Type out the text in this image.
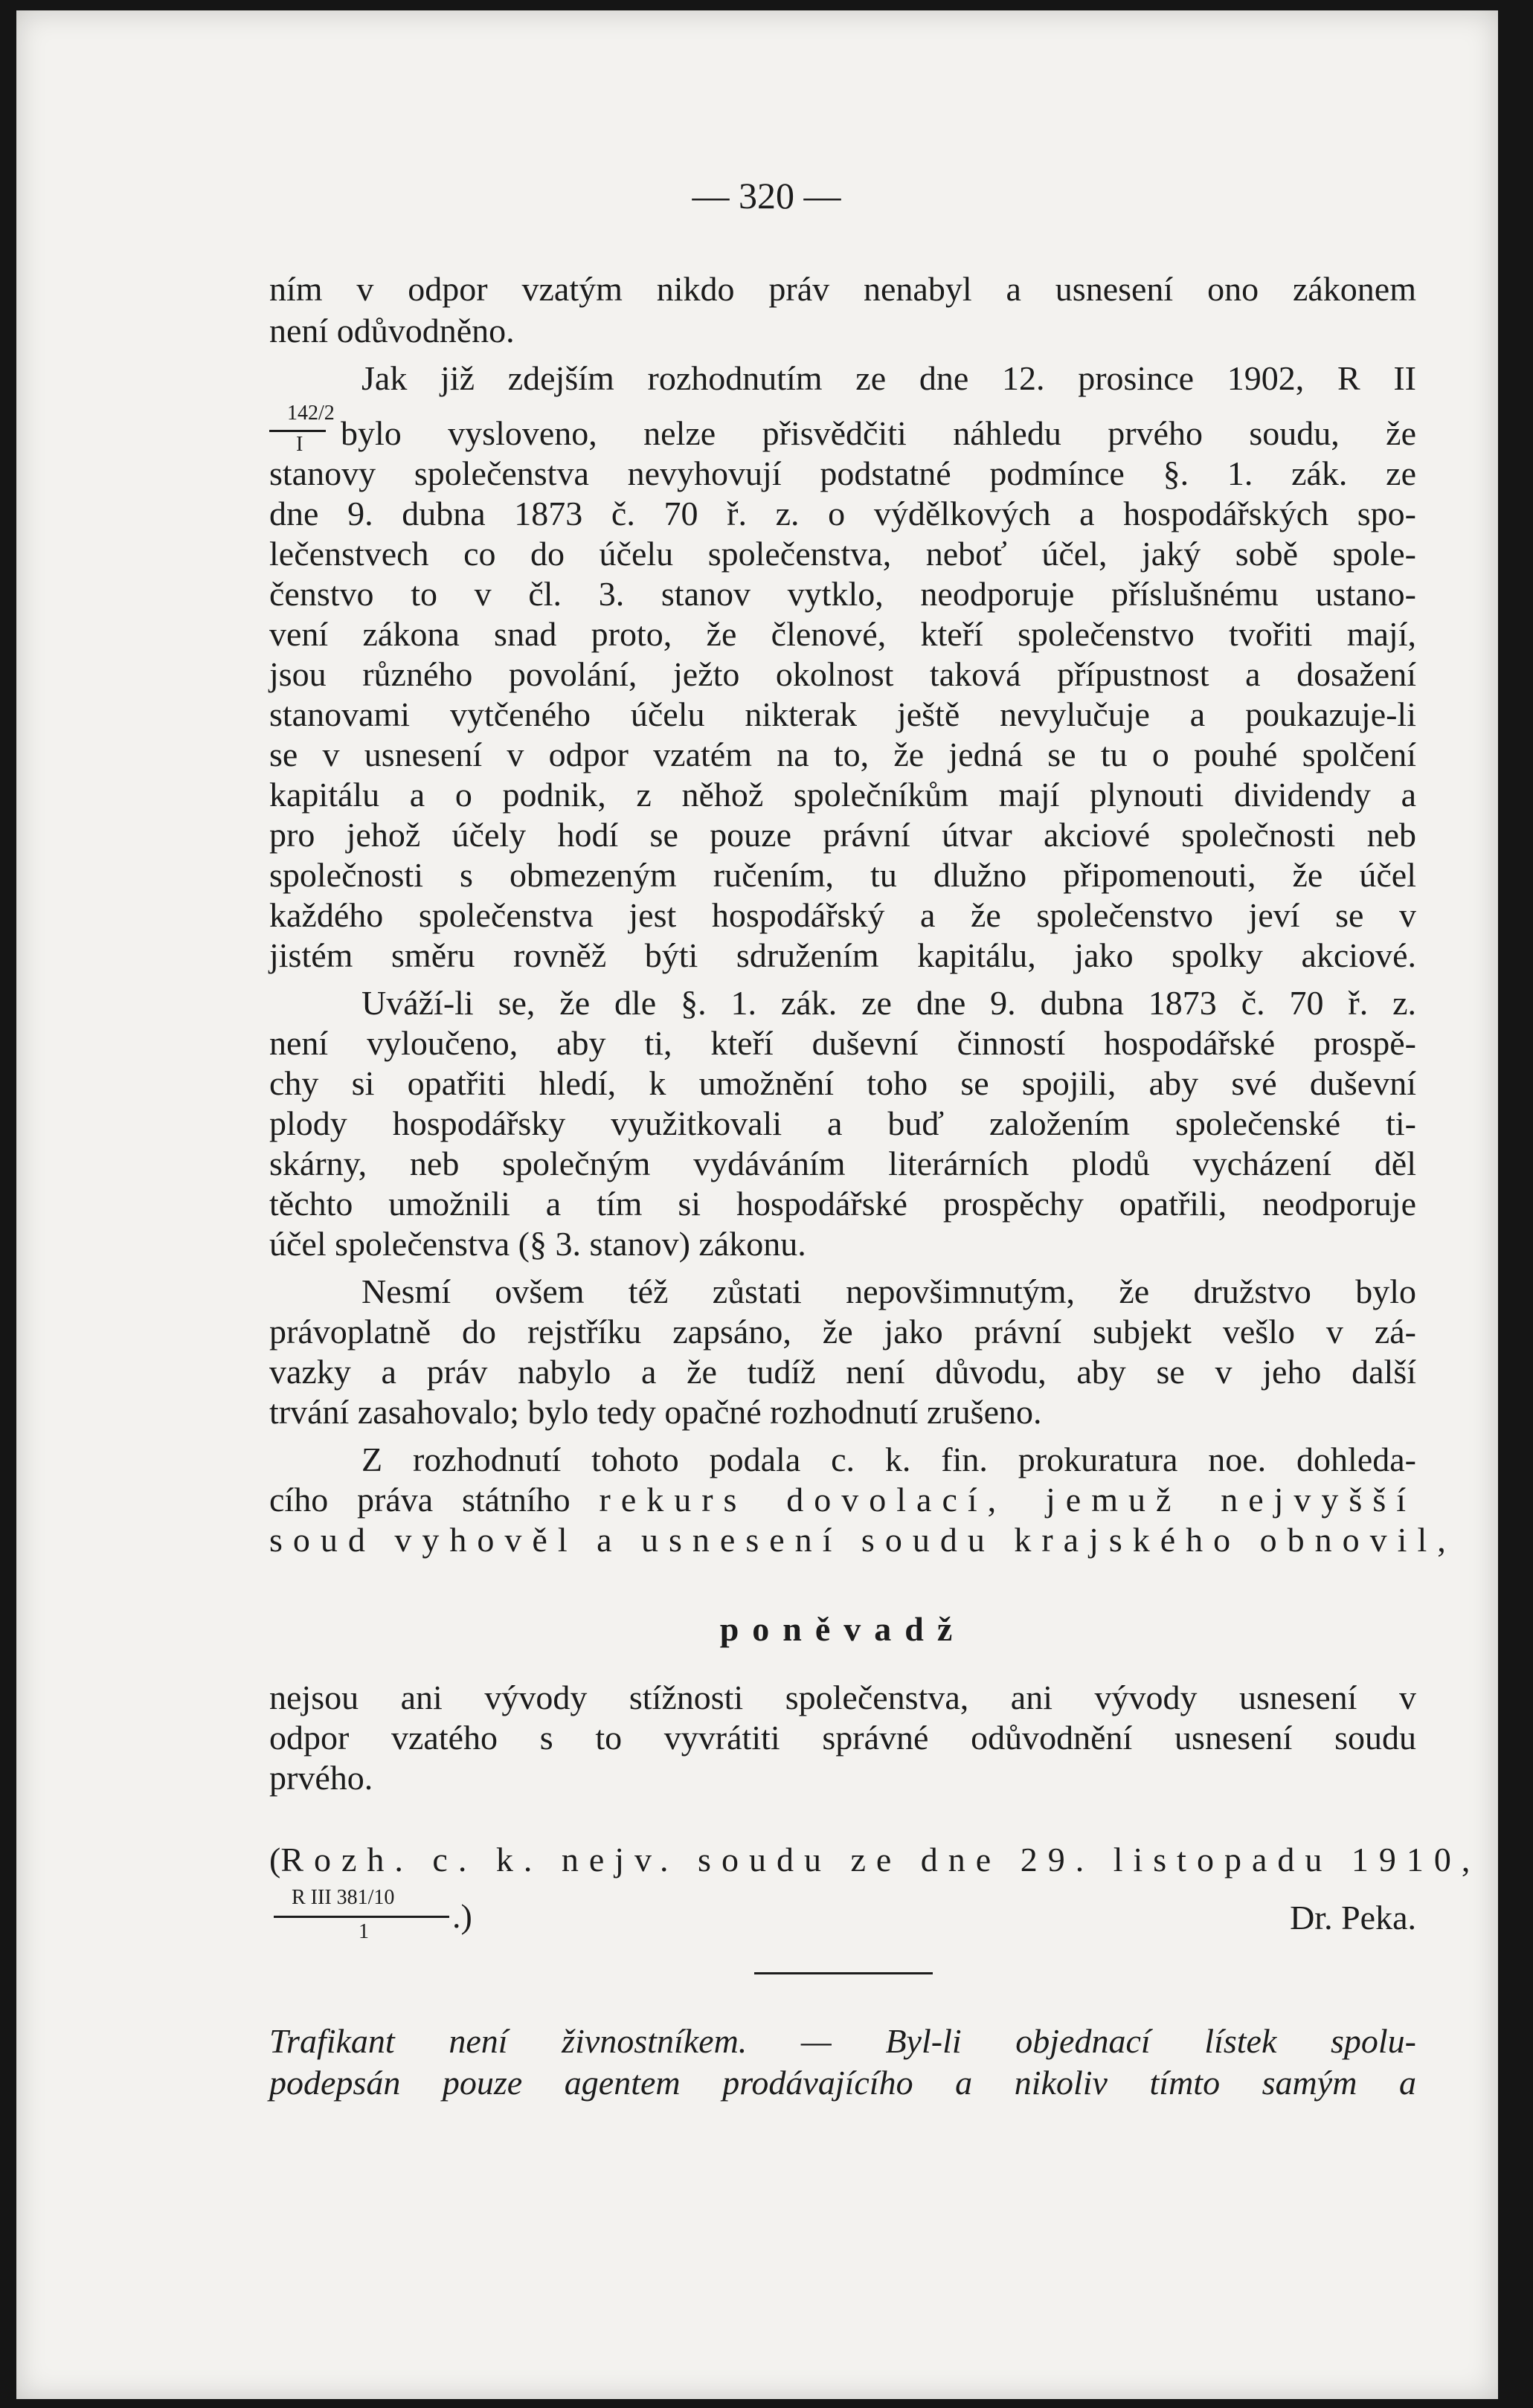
— 320 —
ním v odpor vzatým nikdo práv nenabyl a usnesení ono zákonem
není odůvodněno.
Jak již zdejším rozhodnutím ze dne 12. prosince 1902, R II
142/2
I bylo vysloveno, nelze přisvědčiti náhledu prvého soudu, že
stanovy společenstva nevyhovují podstatné podmínce §. 1. zák. ze
dne 9. dubna 1873 č. 70 ř. z. o výdělkových a hospodářských spo-
lečenstvech co do účelu společenstva, neboť účel, jaký sobě spole-
čenstvo to v čl. 3. stanov vytklo, neodporuje příslušnému ustano-
vení zákona snad proto, že členové, kteří společenstvo tvořiti mají,
jsou různého povolání, ježto okolnost taková přípustnost a dosažení
stanovami vytčeného účelu nikterak ještě nevylučuje a poukazuje-li
se v usnesení v odpor vzatém na to, že jedná se tu o pouhé spolčení
kapitálu a o podnik, z něhož společníkům mají plynouti dividendy a
pro jehož účely hodí se pouze právní útvar akciové společnosti neb
společnosti s obmezeným ručením, tu dlužno připomenouti, že účel
každého společenstva jest hospodářský a že společenstvo jeví se v
jistém směru rovněž býti sdružením kapitálu, jako spolky akciové.
Uváží-li se, že dle §. 1. zák. ze dne 9. dubna 1873 č. 70 ř. z.
není vyloučeno, aby ti, kteří duševní činností hospodářské prospě-
chy si opatřiti hledí, k umožnění toho se spojili, aby své duševní
plody hospodářsky využitkovali a buď založením společenské ti-
skárny, neb společným vydáváním literárních plodů vycházení děl
těchto umožnili a tím si hospodářské prospěchy opatřili, neodporuje
účel společenstva (§ 3. stanov) zákonu.
Nesmí ovšem též zůstati nepovšimnutým, že družstvo bylo
právoplatně do rejstříku zapsáno, že jako právní subjekt vešlo v zá-
vazky a práv nabylo a že tudíž není důvodu, aby se v jeho další
trvání zasahovalo; bylo tedy opačné rozhodnutí zrušeno.
Z rozhodnutí tohoto podala c. k. fin. prokuratura noe. dohleda-
cího práva státního rekurs dovolací, jemuž nejvyšší
soud vyhověl a usnesení soudu krajského obnovil,
poněvadž
nejsou ani vývody stížnosti společenstva, ani vývody usnesení v
odpor vzatého s to vyvrátiti správné odůvodnění usnesení soudu
prvého.
(Rozh. c. k. nejv. soudu ze dne 29. listopadu 1910,
Dr. Peka.
Trafikant není živnostníkem. — Byl-li objednací lístek spolu-
podepsán pouze agentem prodávajícího a nikoliv tímto samým a
R III 381/10
1 .)
